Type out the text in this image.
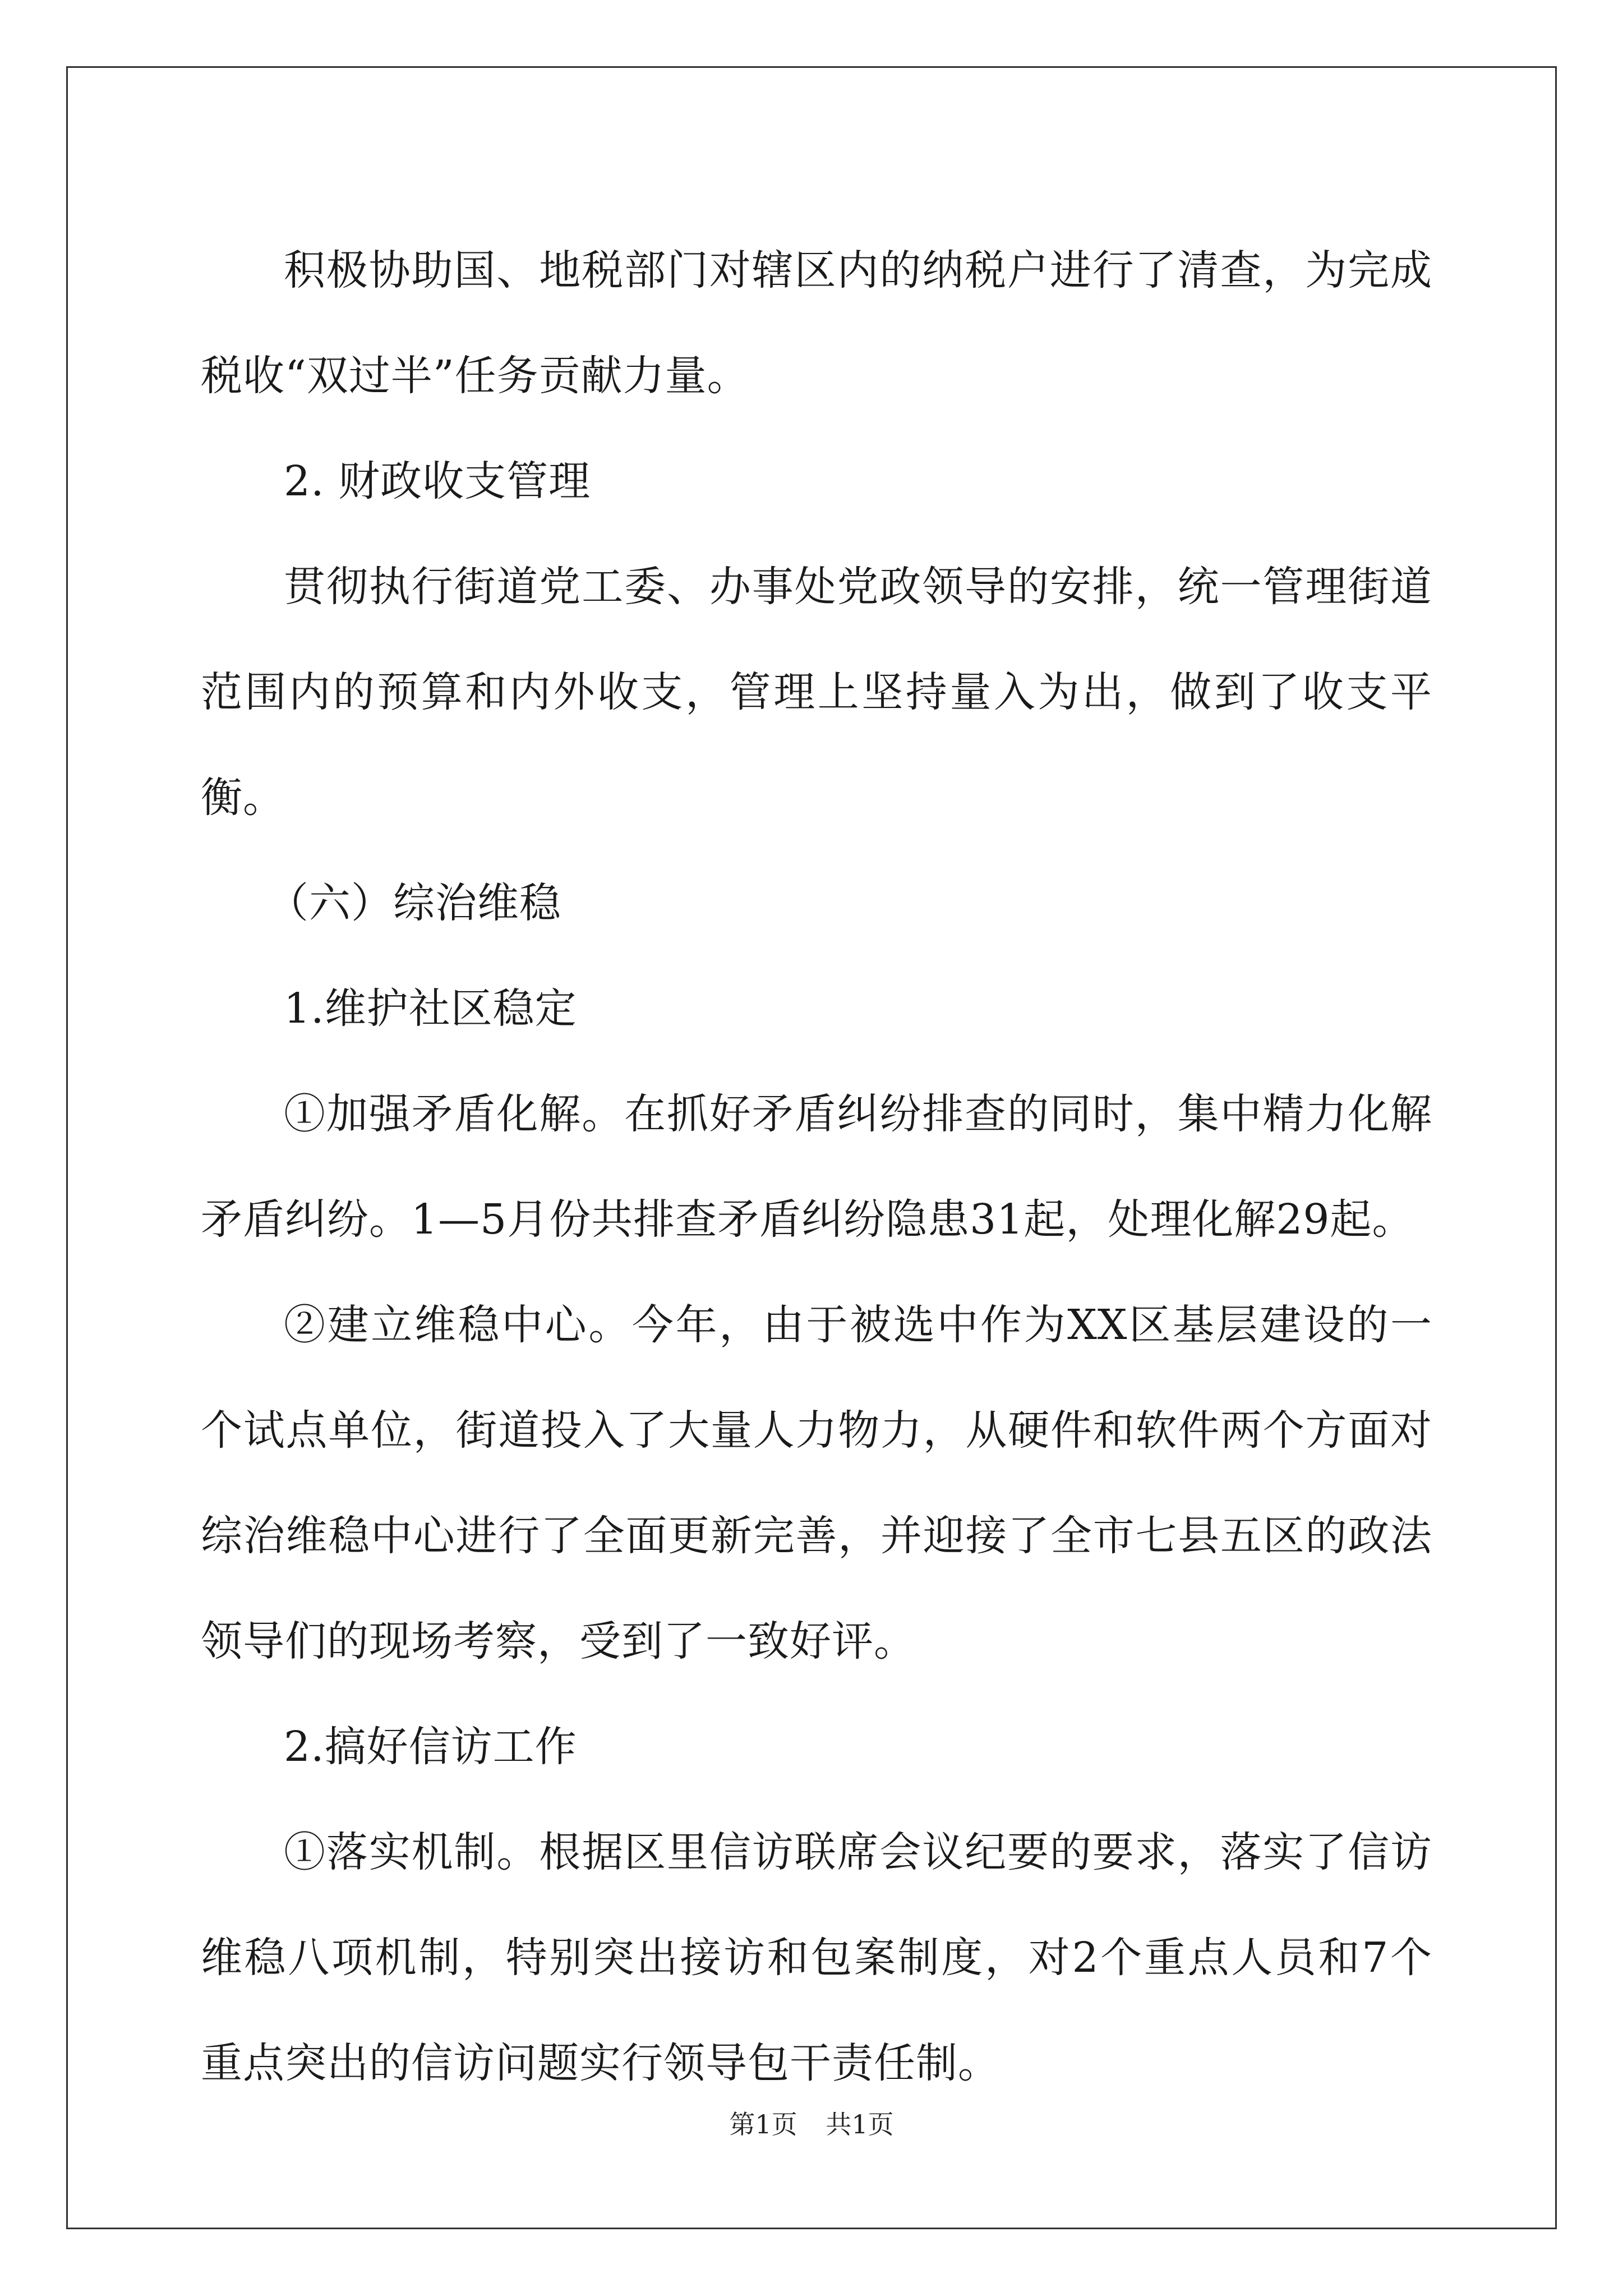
积极协助国、地税部门对辖区内的纳税户进行了清查，为完成税收“双过半”任务贡献力量。

2. 财政收支管理

贯彻执行街道党工委、办事处党政领导的安排，统一管理街道范围内的预算和内外收支，管理上坚持量入为出，做到了收支平衡。

（六）综治维稳

1.维护社区稳定

①加强矛盾化解。在抓好矛盾纠纷排查的同时，集中精力化解矛盾纠纷。1—5月份共排查矛盾纠纷隐患31起，处理化解29起。

②建立维稳中心。今年，由于被选中作为XX区基层建设的一个试点单位，街道投入了大量人力物力，从硬件和软件两个方面对综治维稳中心进行了全面更新完善，并迎接了全市七县五区的政法领导们的现场考察，受到了一致好评。

2.搞好信访工作

①落实机制。根据区里信访联席会议纪要的要求，落实了信访维稳八项机制，特别突出接访和包案制度，对2个重点人员和7个重点突出的信访问题实行领导包干责任制。

第1页 共1页
